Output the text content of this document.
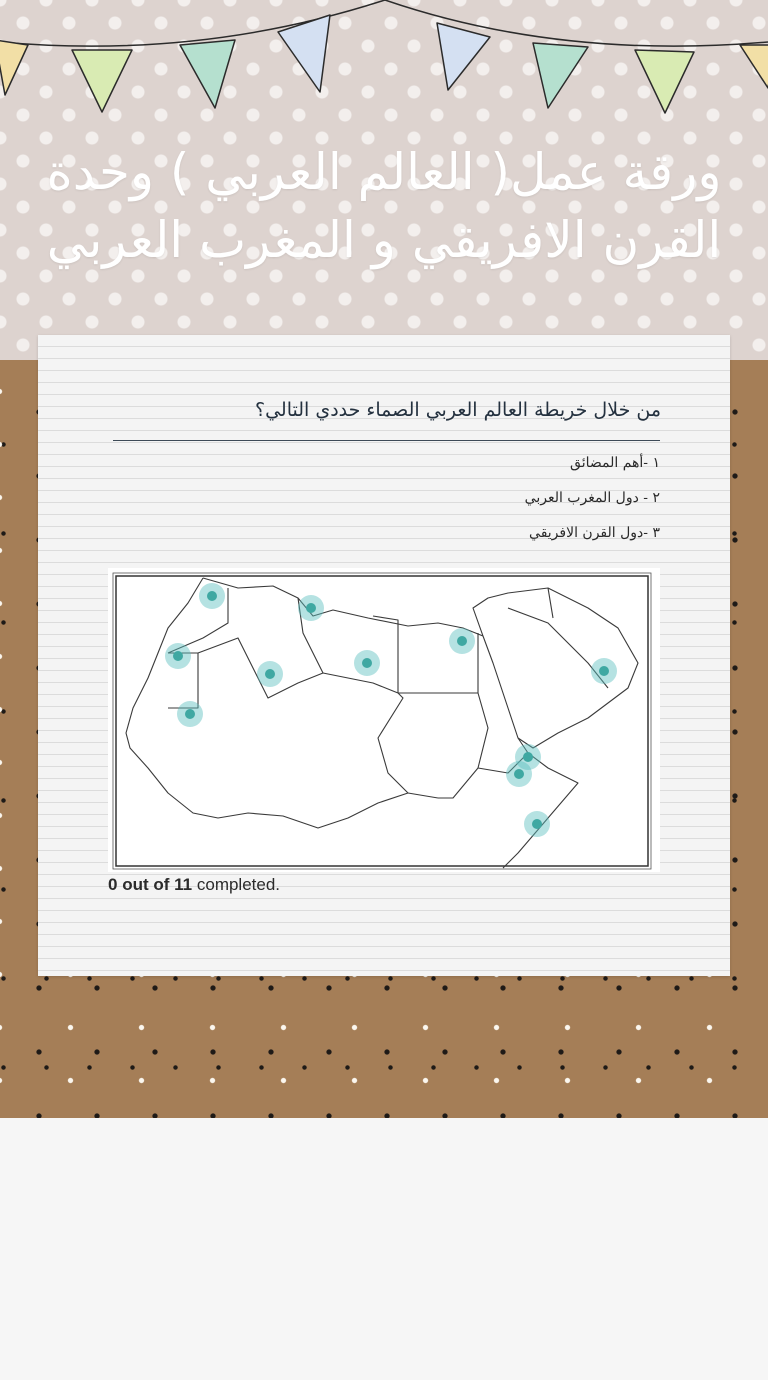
ورقة عمل( العالم العربي ) وحدة القرن الافريقي و المغرب العربي
من خلال خريطة العالم العربي الصماء حددي التالي؟
١ -أهم المضائق
٢ - دول المغرب العربي
٣ -دول القرن الافريقي
0 out of 11 completed.
